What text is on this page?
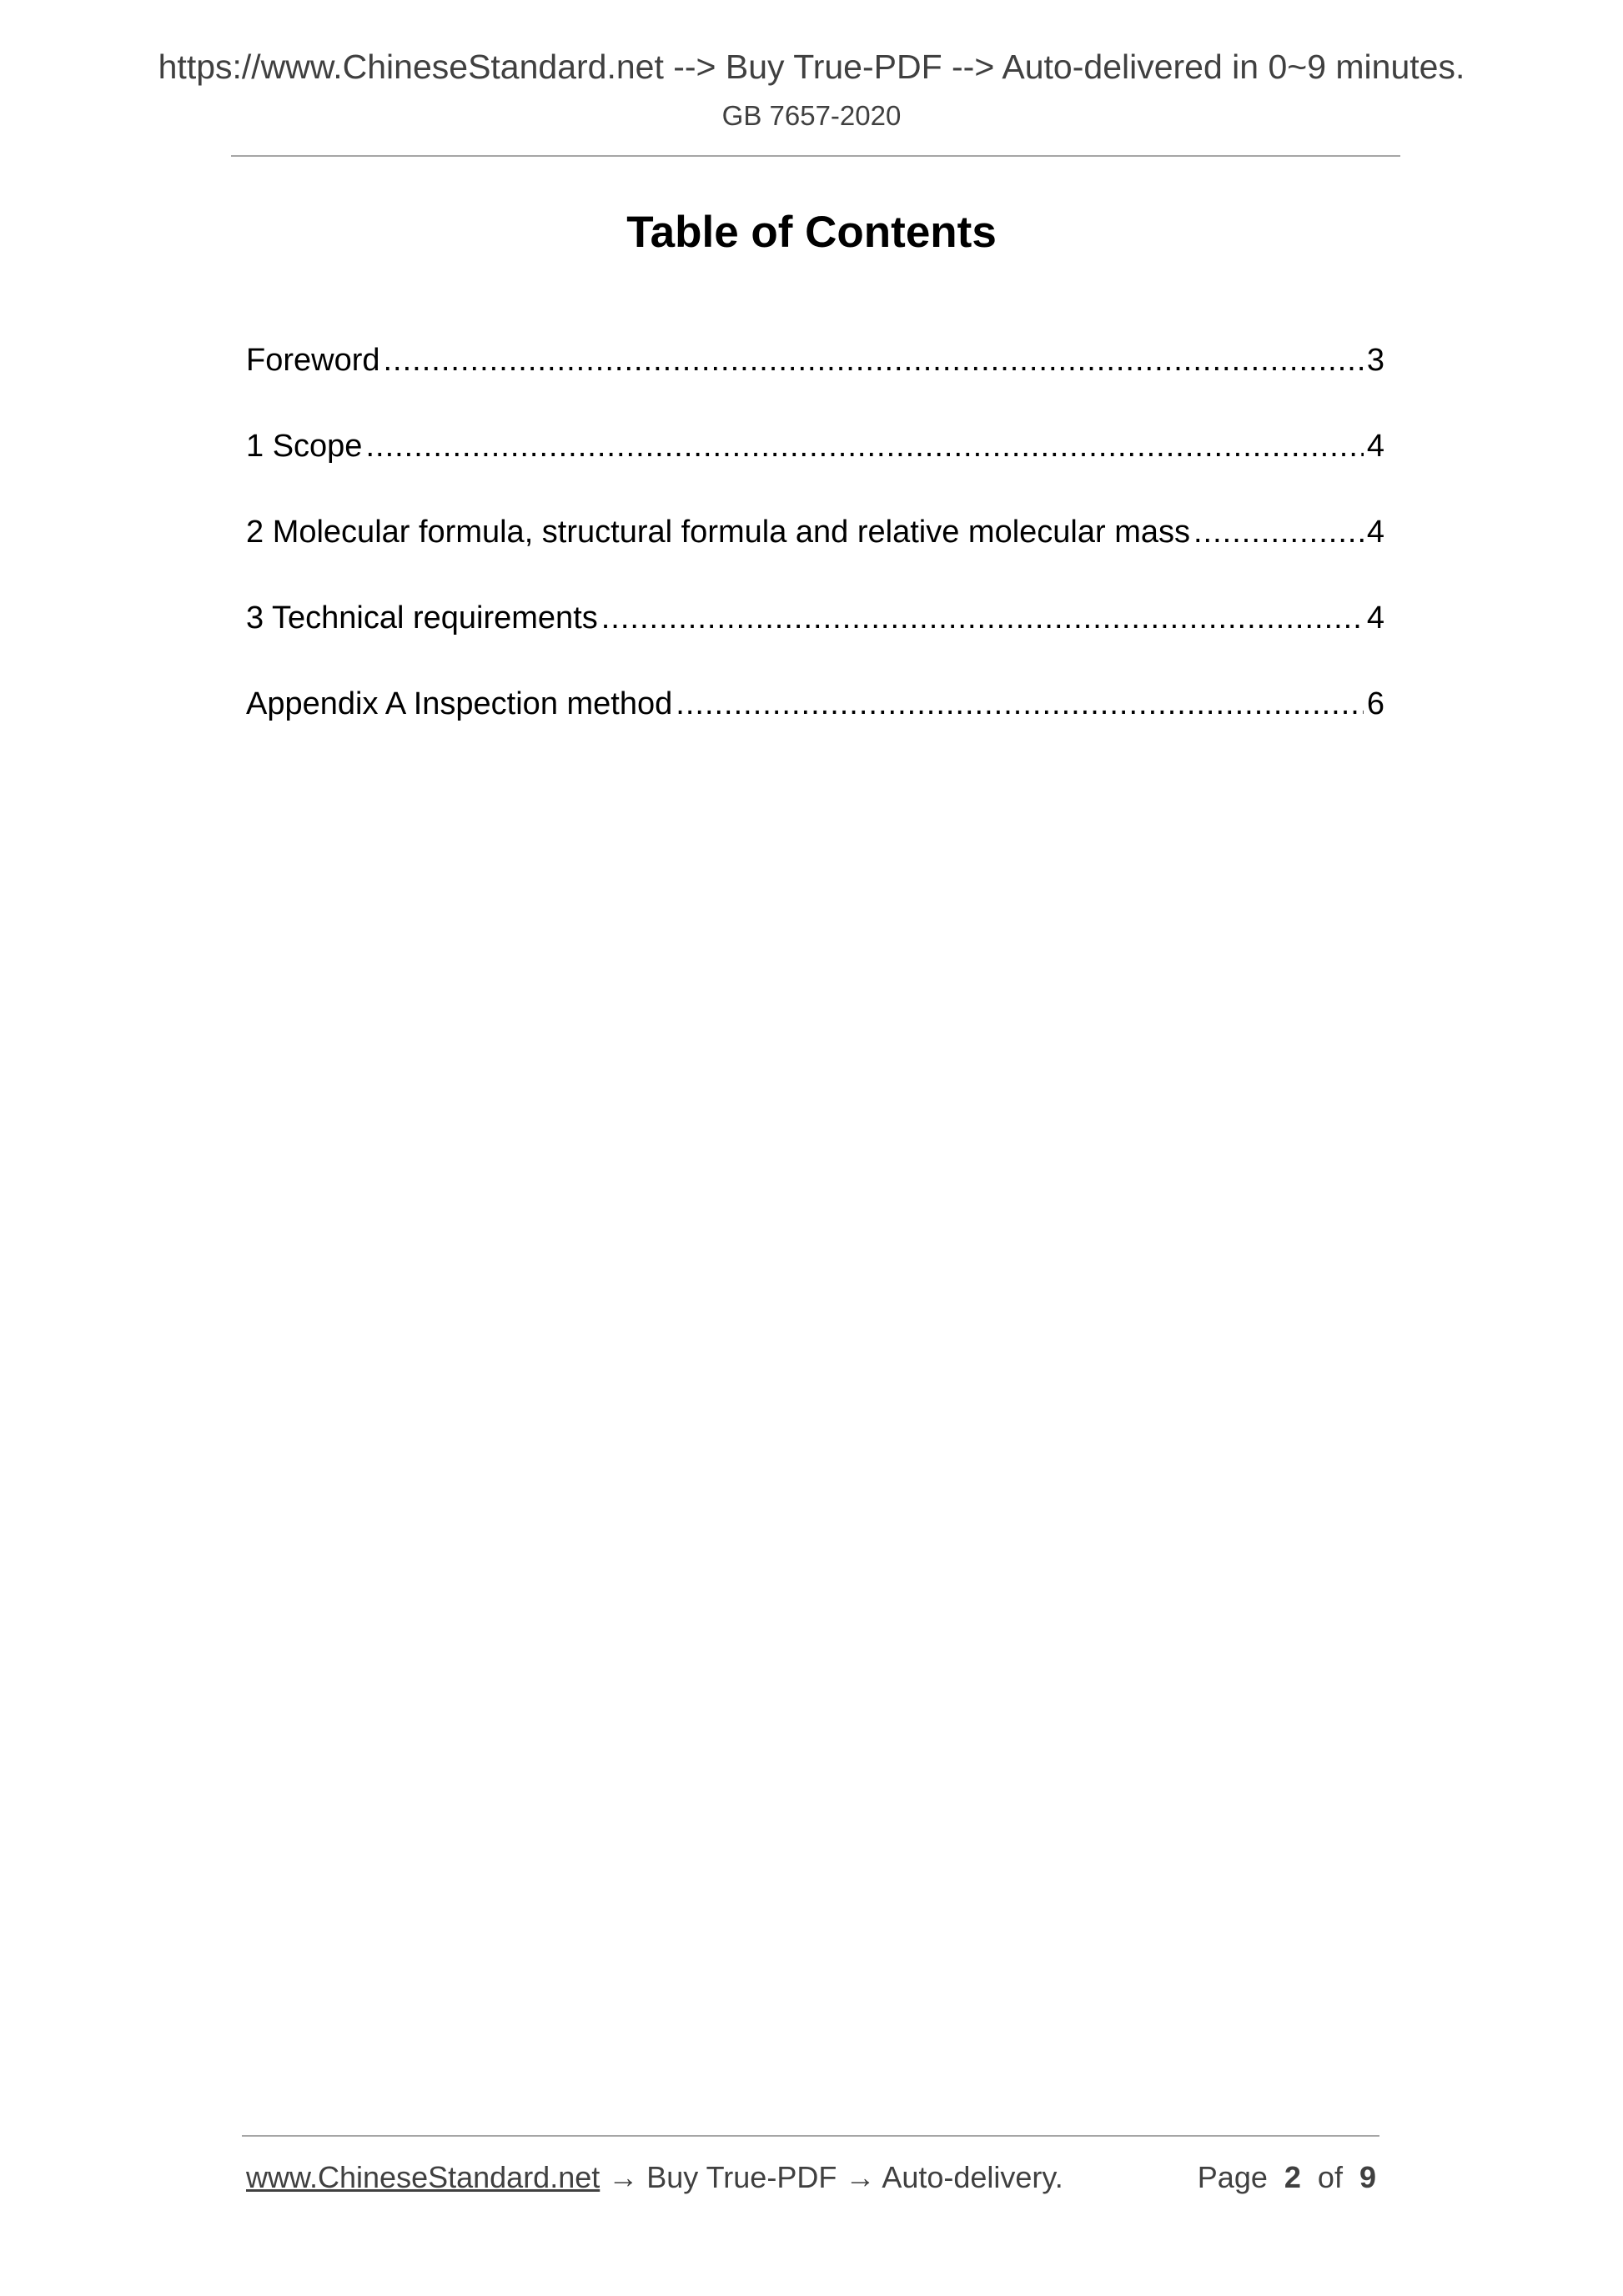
https://www.ChineseStandard.net --> Buy True-PDF --> Auto-delivered in 0~9 minutes.
GB 7657-2020
Table of Contents
Foreword .....	3
1 Scope .....	4
2 Molecular formula, structural formula and relative molecular mass .....	4
3 Technical requirements .....	4
Appendix A Inspection method .....	6
www.ChineseStandard.net → Buy True-PDF → Auto-delivery.	Page 2 of 9
